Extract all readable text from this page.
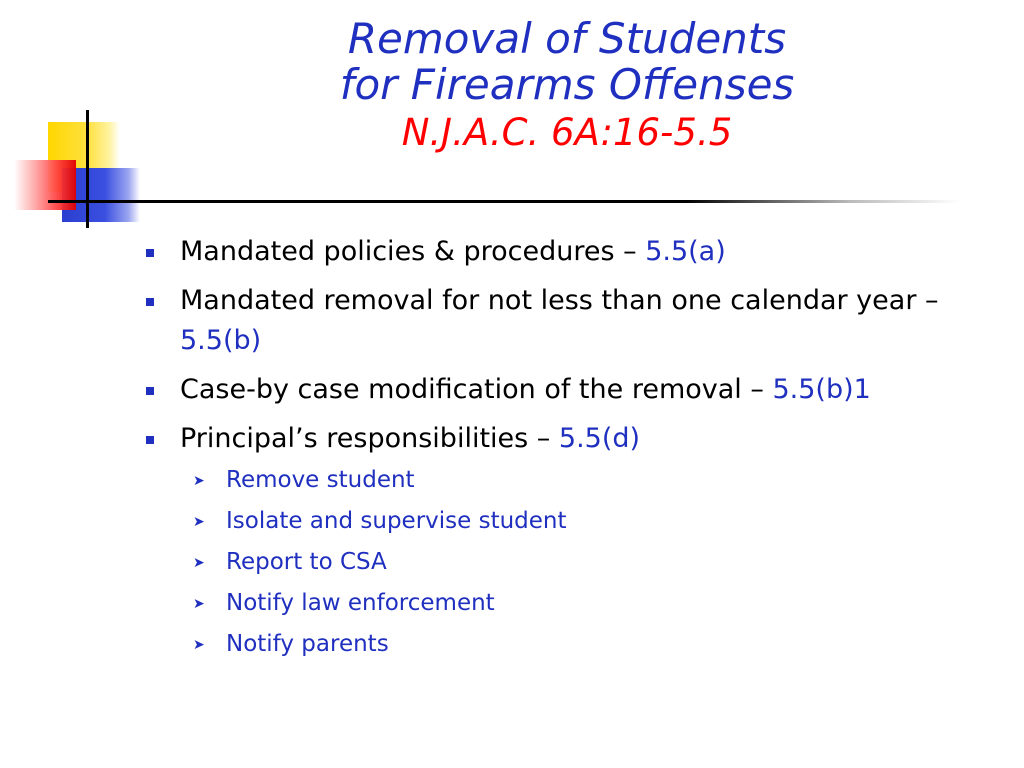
Removal of Students
for Firearms Offenses
N.J.A.C. 6A:16-5.5
Mandated policies & procedures – 5.5(a)
Mandated removal for not less than one calendar year – 5.5(b)
Case-by case modification of the removal – 5.5(b)1
Principal’s responsibilities – 5.5(d)
➤ Remove student
➤ Isolate and supervise student
➤ Report to CSA
➤ Notify law enforcement
➤ Notify parents
